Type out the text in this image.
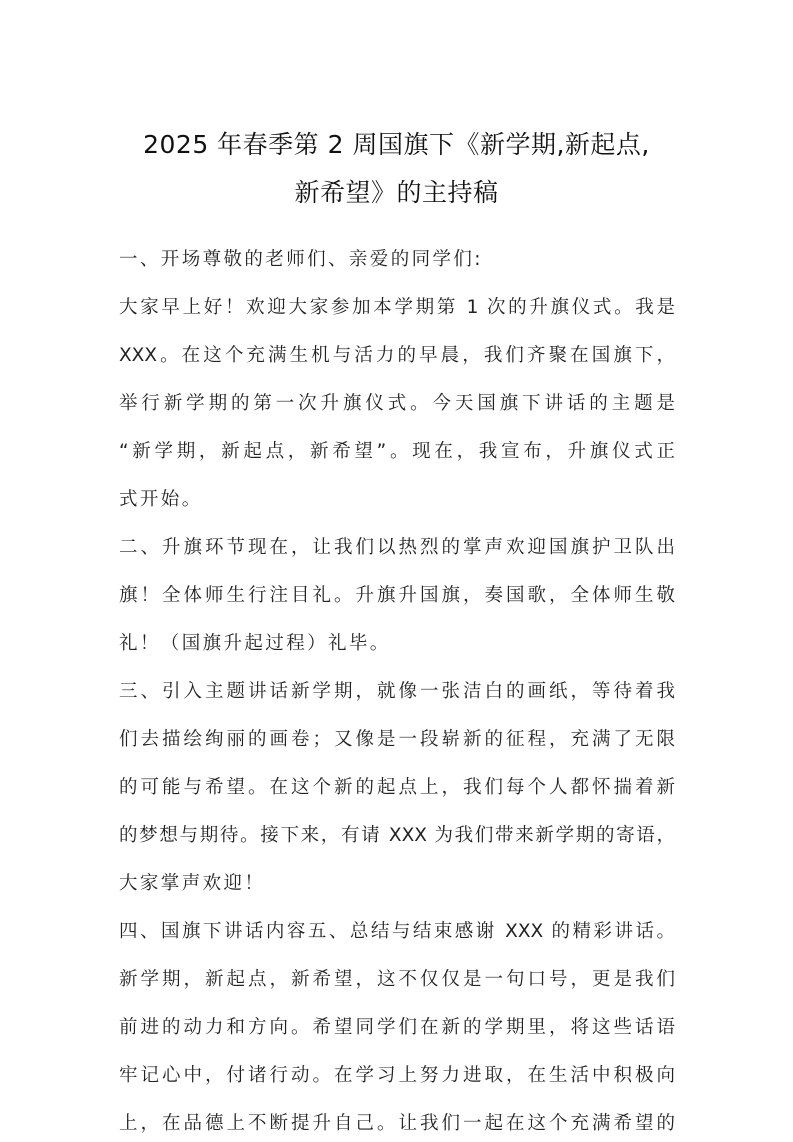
2025 年春季第 2 周国旗下《新学期,新起点,
新希望》的主持稿
一、开场尊敬的老师们、亲爱的同学们:
大家早上好！欢迎大家参加本学期第 1 次的升旗仪式。我是
XXX。在这个充满生机与活力的早晨，我们齐聚在国旗下，
举行新学期的第一次升旗仪式。今天国旗下讲话的主题是
“新学期，新起点，新希望”。现在，我宣布，升旗仪式正
式开始。
二、升旗环节现在，让我们以热烈的掌声欢迎国旗护卫队出
旗！全体师生行注目礼。升旗升国旗，奏国歌，全体师生敬
礼！（国旗升起过程）礼毕。
三、引入主题讲话新学期，就像一张洁白的画纸，等待着我
们去描绘绚丽的画卷；又像是一段崭新的征程，充满了无限
的可能与希望。在这个新的起点上，我们每个人都怀揣着新
的梦想与期待。接下来，有请 XXX 为我们带来新学期的寄语，
大家掌声欢迎！
四、国旗下讲话内容五、总结与结束感谢 XXX 的精彩讲话。
新学期，新起点，新希望，这不仅仅是一句口号，更是我们
前进的动力和方向。希望同学们在新的学期里，将这些话语
牢记心中，付诸行动。在学习上努力进取，在生活中积极向
上，在品德上不断提升自己。让我们一起在这个充满希望的
